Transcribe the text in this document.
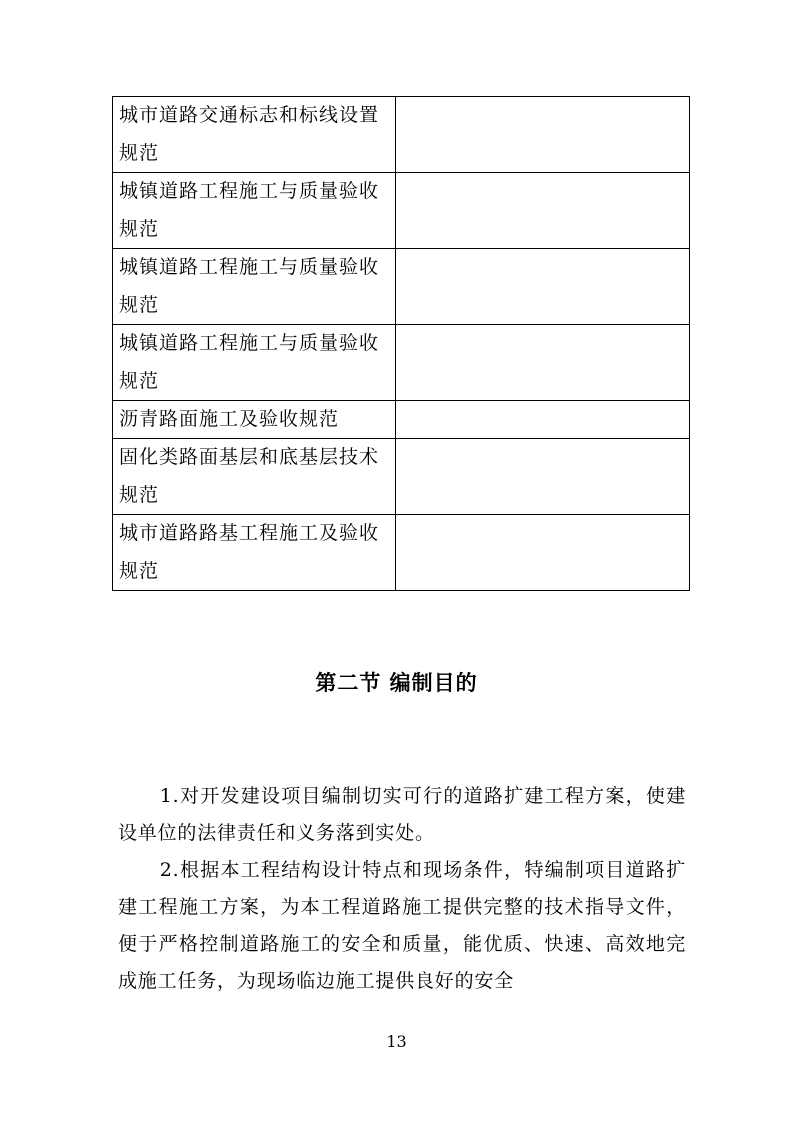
城市道路交通标志和标线设置规范	
城镇道路工程施工与质量验收规范	
城镇道路工程施工与质量验收规范	
城镇道路工程施工与质量验收规范	
沥青路面施工及验收规范	
固化类路面基层和底基层技术规范	
城市道路路基工程施工及验收规范	
第二节 编制目的

1.对开发建设项目编制切实可行的道路扩建工程方案，使建设单位的法律责任和义务落到实处。

2.根据本工程结构设计特点和现场条件，特编制项目道路扩建工程施工方案，为本工程道路施工提供完整的技术指导文件，便于严格控制道路施工的安全和质量，能优质、快速、高效地完成施工任务，为现场临边施工提供良好的安全

13
